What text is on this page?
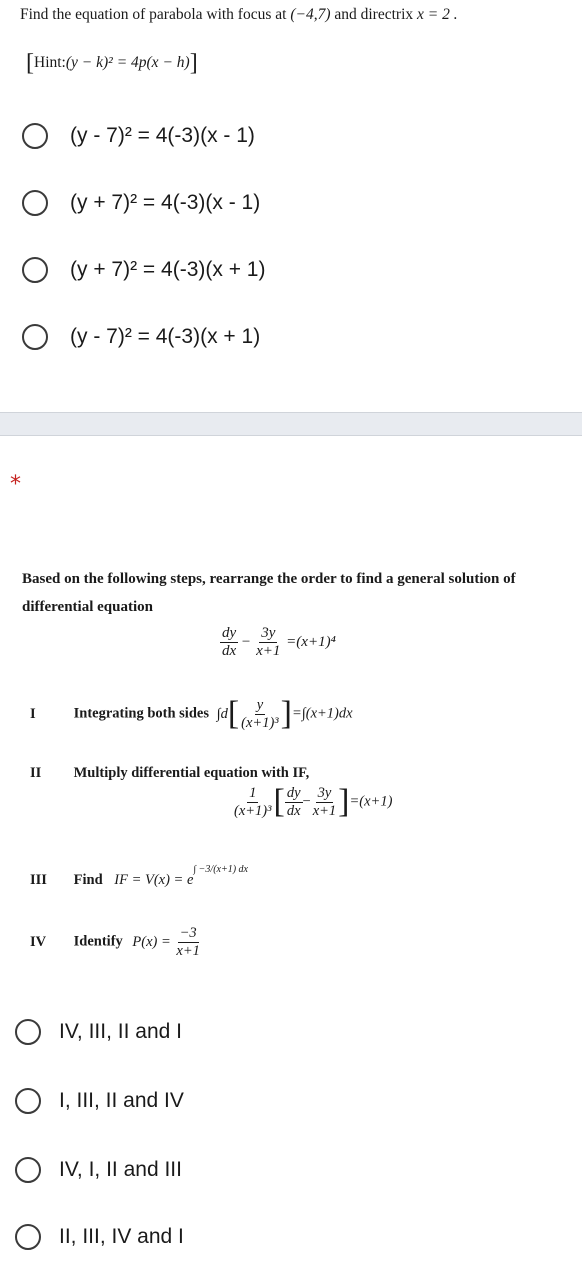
Find the equation of parabola with focus at (−4,7) and directrix x = 2 .
[Hint:(y − k)² = 4p(x − h)]
(y - 7)² = 4(-3)(x - 1)
(y + 7)² = 4(-3)(x - 1)
(y + 7)² = 4(-3)(x + 1)
(y - 7)² = 4(-3)(x + 1)
*
Based on the following steps, rearrange the order to find a general solution of
differential equation
$\frac{dy}{dx} - \frac{3y}{x+1} =(x+1)^4$
I	Integrating both sides $\int d[ \frac{y}{\text{(x+1)³}} ]=\int(x+1)dx$
II Multiply differential equation with IF,
$\frac{1}{\text{(x+1)³}}$ [ $\frac{dy}{dx} - \frac{3y}{x+1} ]=(x+1)$
III Find IF = $V(x) = e^{\int -3/(x+1) dx}$
IV Identify $P(x) = \frac{-3}{x+1}$
IV, III, II and I
I, III, II and IV
IV, I, II and III
II, III, IV and I
